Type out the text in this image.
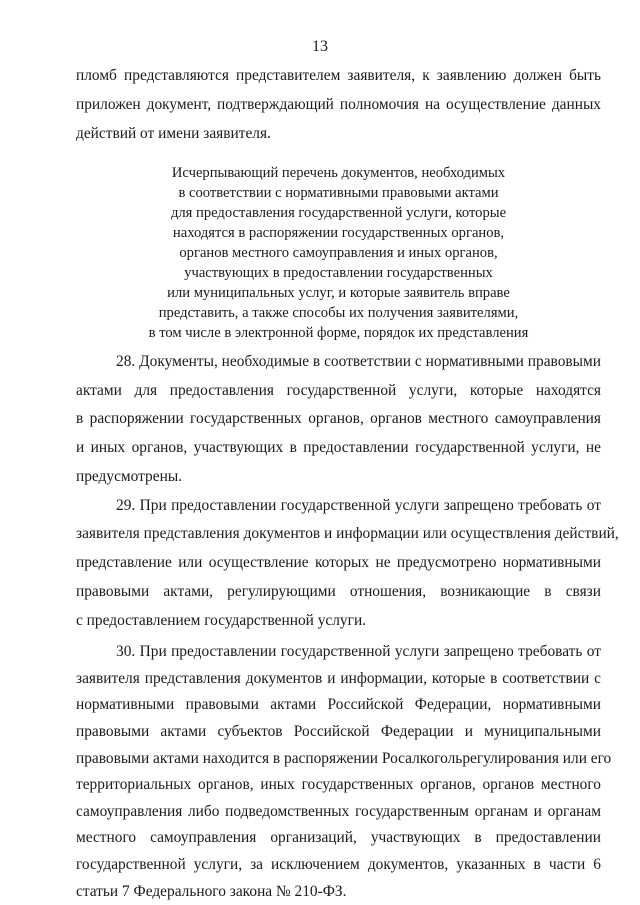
13
пломб представляются представителем заявителя, к заявлению должен быть
приложен документ, подтверждающий полномочия на осуществление данных
действий от имени заявителя.
Исчерпывающий перечень документов, необходимых
в соответствии с нормативными правовыми актами
для предоставления государственной услуги, которые
находятся в распоряжении государственных органов,
органов местного самоуправления и иных органов,
участвующих в предоставлении государственных
или муниципальных услуг, и которые заявитель вправе
представить, а также способы их получения заявителями,
в том числе в электронной форме, порядок их представления
28. Документы, необходимые в соответствии с нормативными правовыми
актами для предоставления государственной услуги, которые находятся
в распоряжении государственных органов, органов местного самоуправления
и иных органов, участвующих в предоставлении государственной услуги, не
предусмотрены.
29. При предоставлении государственной услуги запрещено требовать от
заявителя представления документов и информации или осуществления действий,
представление или осуществление которых не предусмотрено нормативными
правовыми актами, регулирующими отношения, возникающие в связи
с предоставлением государственной услуги.
30. При предоставлении государственной услуги запрещено требовать от
заявителя представления документов и информации, которые в соответствии с
нормативными правовыми актами Российской Федерации, нормативными
правовыми актами субъектов Российской Федерации и муниципальными
правовыми актами находится в распоряжении Росалкогольрегулирования или его
территориальных органов, иных государственных органов, органов местного
самоуправления либо подведомственных государственным органам и органам
местного самоуправления организаций, участвующих в предоставлении
государственной услуги, за исключением документов, указанных в части 6
статьи 7 Федерального закона № 210-ФЗ.
